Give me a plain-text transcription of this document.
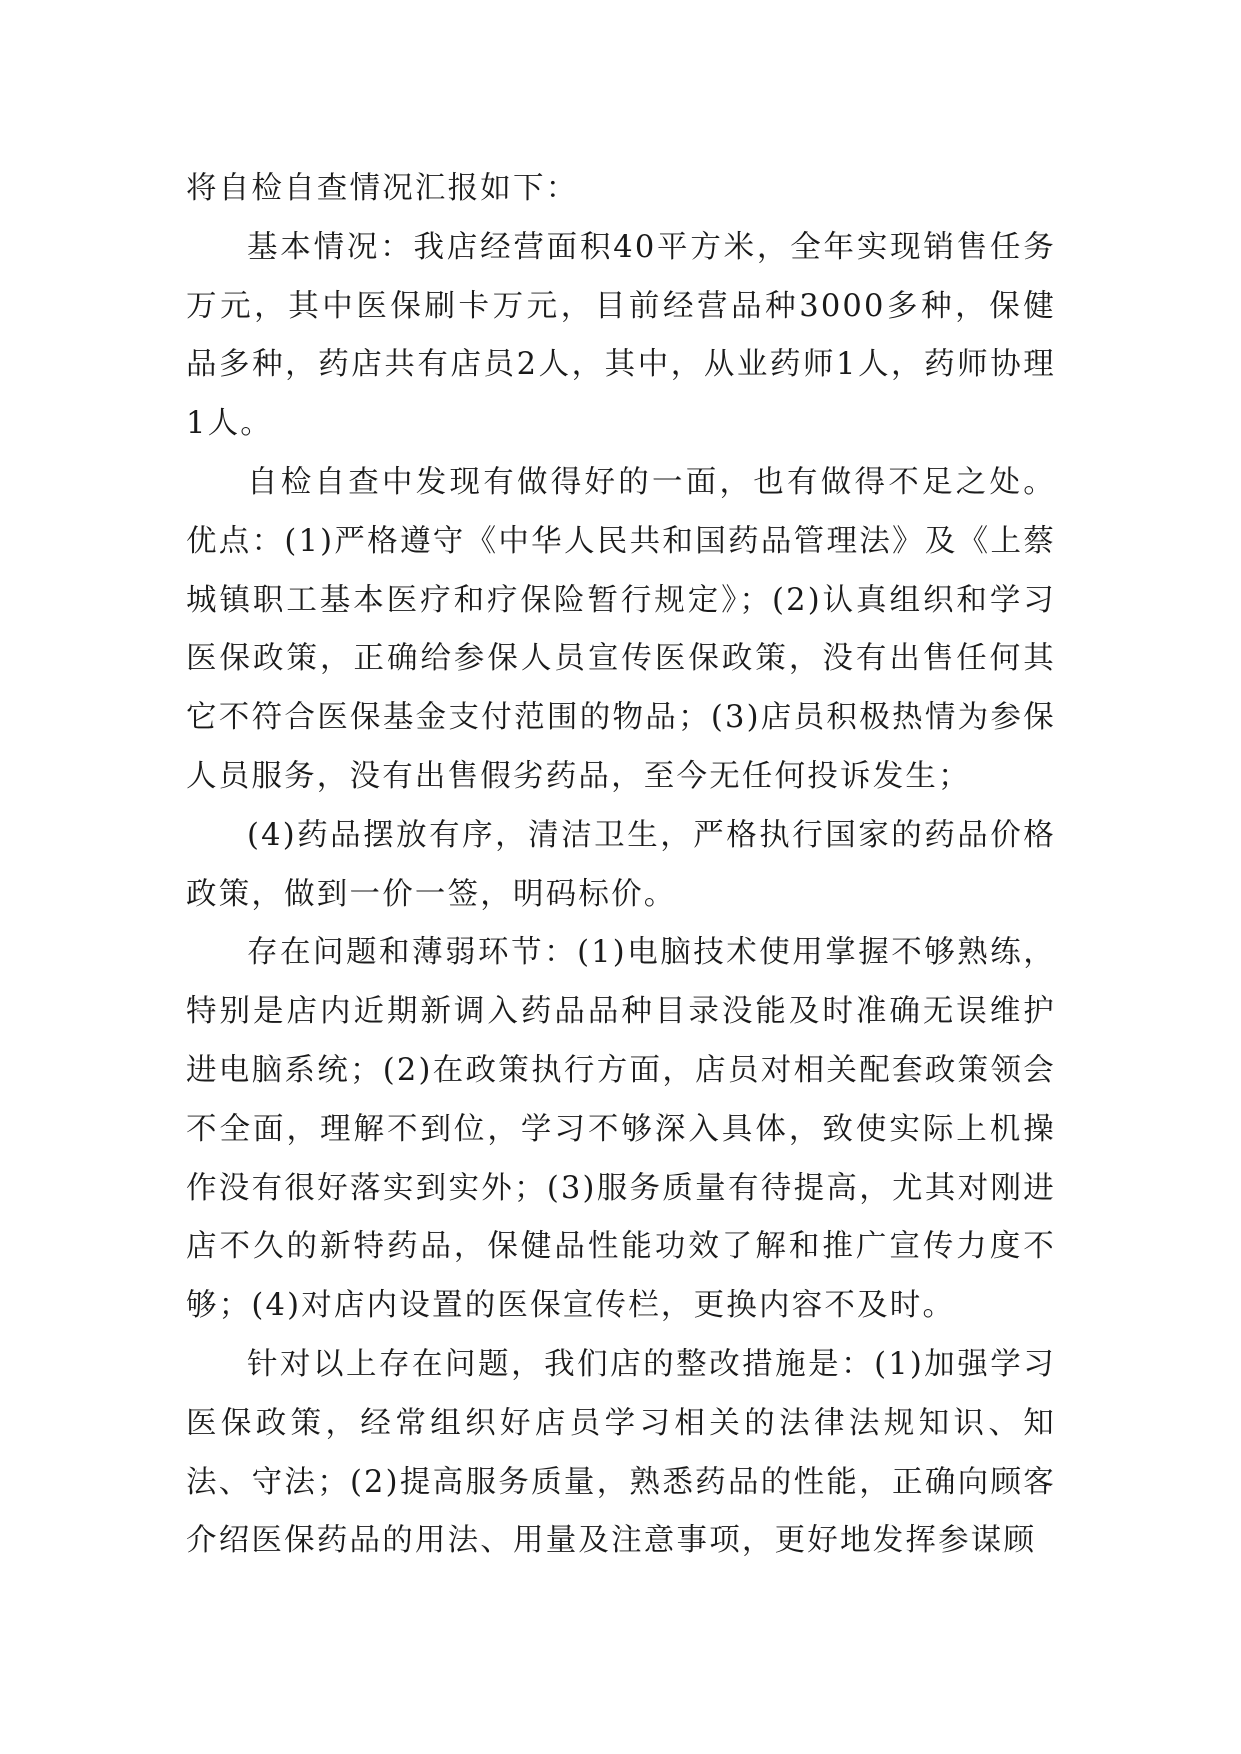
将自检自查情况汇报如下：

基本情况：我店经营面积40平方米，全年实现销售任务万元，其中医保刷卡万元，目前经营品种3000多种，保健品多种，药店共有店员2人，其中，从业药师1人，药师协理1人。

自检自查中发现有做得好的一面，也有做得不足之处。优点：(1)严格遵守《中华人民共和国药品管理法》及《上蔡城镇职工基本医疗和疗保险暂行规定》；(2)认真组织和学习医保政策，正确给参保人员宣传医保政策，没有出售任何其它不符合医保基金支付范围的物品；(3)店员积极热情为参保人员服务，没有出售假劣药品，至今无任何投诉发生；

(4)药品摆放有序，清洁卫生，严格执行国家的药品价格政策，做到一价一签，明码标价。

存在问题和薄弱环节：(1)电脑技术使用掌握不够熟练，特别是店内近期新调入药品品种目录没能及时准确无误维护进电脑系统；(2)在政策执行方面，店员对相关配套政策领会不全面，理解不到位，学习不够深入具体，致使实际上机操作没有很好落实到实外；(3)服务质量有待提高，尤其对刚进店不久的新特药品，保健品性能功效了解和推广宣传力度不够；(4)对店内设置的医保宣传栏，更换内容不及时。

针对以上存在问题，我们店的整改措施是：(1)加强学习医保政策，经常组织好店员学习相关的法律法规知识、知法、守法；(2)提高服务质量，熟悉药品的性能，正确向顾客介绍医保药品的用法、用量及注意事项，更好地发挥参谋顾
